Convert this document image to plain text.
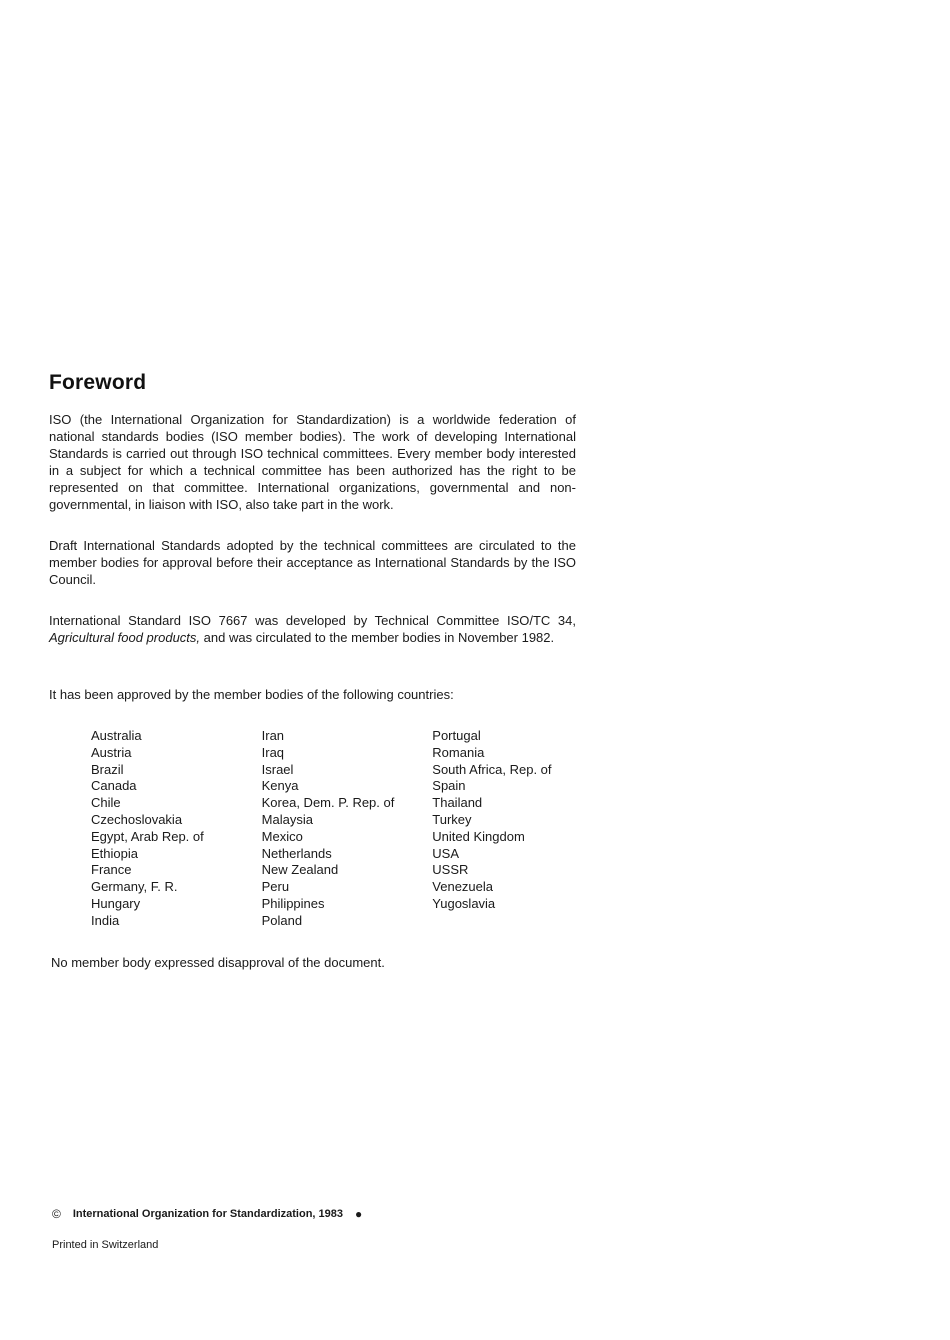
Foreword

ISO (the International Organization for Standardization) is a worldwide federation of national standards bodies (ISO member bodies). The work of developing International Standards is carried out through ISO technical committees. Every member body interested in a subject for which a technical committee has been authorized has the right to be represented on that committee. International organizations, governmental and non-governmental, in liaison with ISO, also take part in the work.

Draft International Standards adopted by the technical committees are circulated to the member bodies for approval before their acceptance as International Standards by the ISO Council.

International Standard ISO 7667 was developed by Technical Committee ISO/TC 34, Agricultural food products, and was circulated to the member bodies in November 1982.

It has been approved by the member bodies of the following countries:

Australia
Austria
Brazil
Canada
Chile
Czechoslovakia
Egypt, Arab Rep. of
Ethiopia
France
Germany, F. R.
Hungary
India
Iran
Iraq
Israel
Kenya
Korea, Dem. P. Rep. of
Malaysia
Mexico
Netherlands
New Zealand
Peru
Philippines
Poland
Portugal
Romania
South Africa, Rep. of
Spain
Thailand
Turkey
United Kingdom
USA
USSR
Venezuela
Yugoslavia

No member body expressed disapproval of the document.

© International Organization for Standardization, 1983 ●

Printed in Switzerland
